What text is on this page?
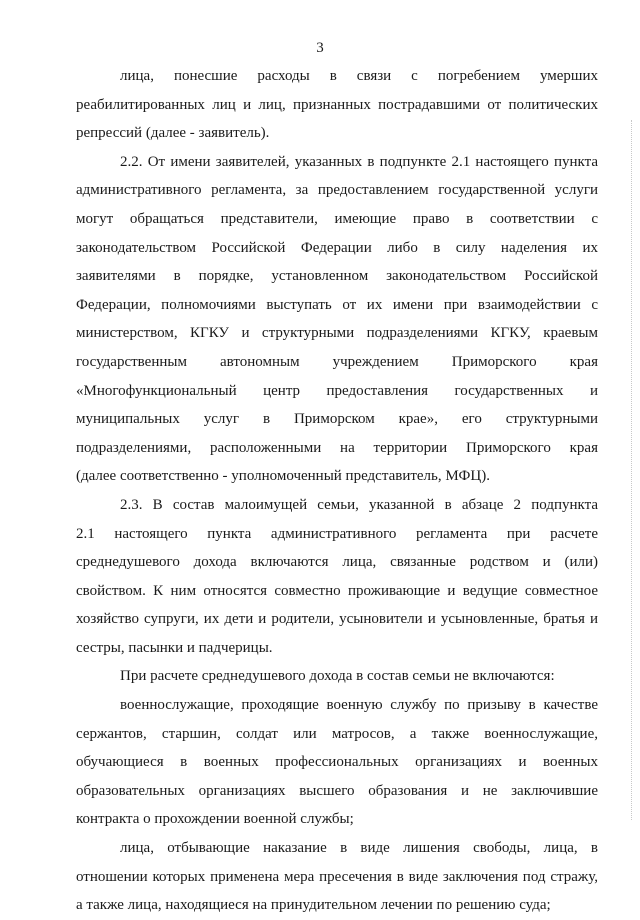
3
лица, понесшие расходы в связи с погребением умерших
реабилитированных лиц и лиц, признанных пострадавшими от политических
репрессий (далее - заявитель).
2.2. От имени заявителей, указанных в подпункте 2.1 настоящего пункта
административного регламента, за предоставлением государственной услуги
могут обращаться представители, имеющие право в соответствии с
законодательством Российской Федерации либо в силу наделения их
заявителями в порядке, установленном законодательством Российской
Федерации, полномочиями выступать от их имени при взаимодействии с
министерством, КГКУ и структурными подразделениями КГКУ, краевым
государственным автономным учреждением Приморского края
«Многофункциональный центр предоставления государственных и
муниципальных услуг в Приморском крае», его структурными
подразделениями, расположенными на территории Приморского края
(далее соответственно - уполномоченный представитель, МФЦ).
2.3. В состав малоимущей семьи, указанной в абзаце 2 подпункта
2.1 настоящего пункта административного регламента при расчете
среднедушевого дохода включаются лица, связанные родством и (или)
свойством. К ним относятся совместно проживающие и ведущие совместное
хозяйство супруги, их дети и родители, усыновители и усыновленные, братья и
сестры, пасынки и падчерицы.
При расчете среднедушевого дохода в состав семьи не включаются:
военнослужащие, проходящие военную службу по призыву в качестве
сержантов, старшин, солдат или матросов, а также военнослужащие,
обучающиеся в военных профессиональных организациях и военных
образовательных организациях высшего образования и не заключившие
контракта о прохождении военной службы;
лица, отбывающие наказание в виде лишения свободы, лица, в
отношении которых применена мера пресечения в виде заключения под стражу,
а также лица, находящиеся на принудительном лечении по решению суда;
